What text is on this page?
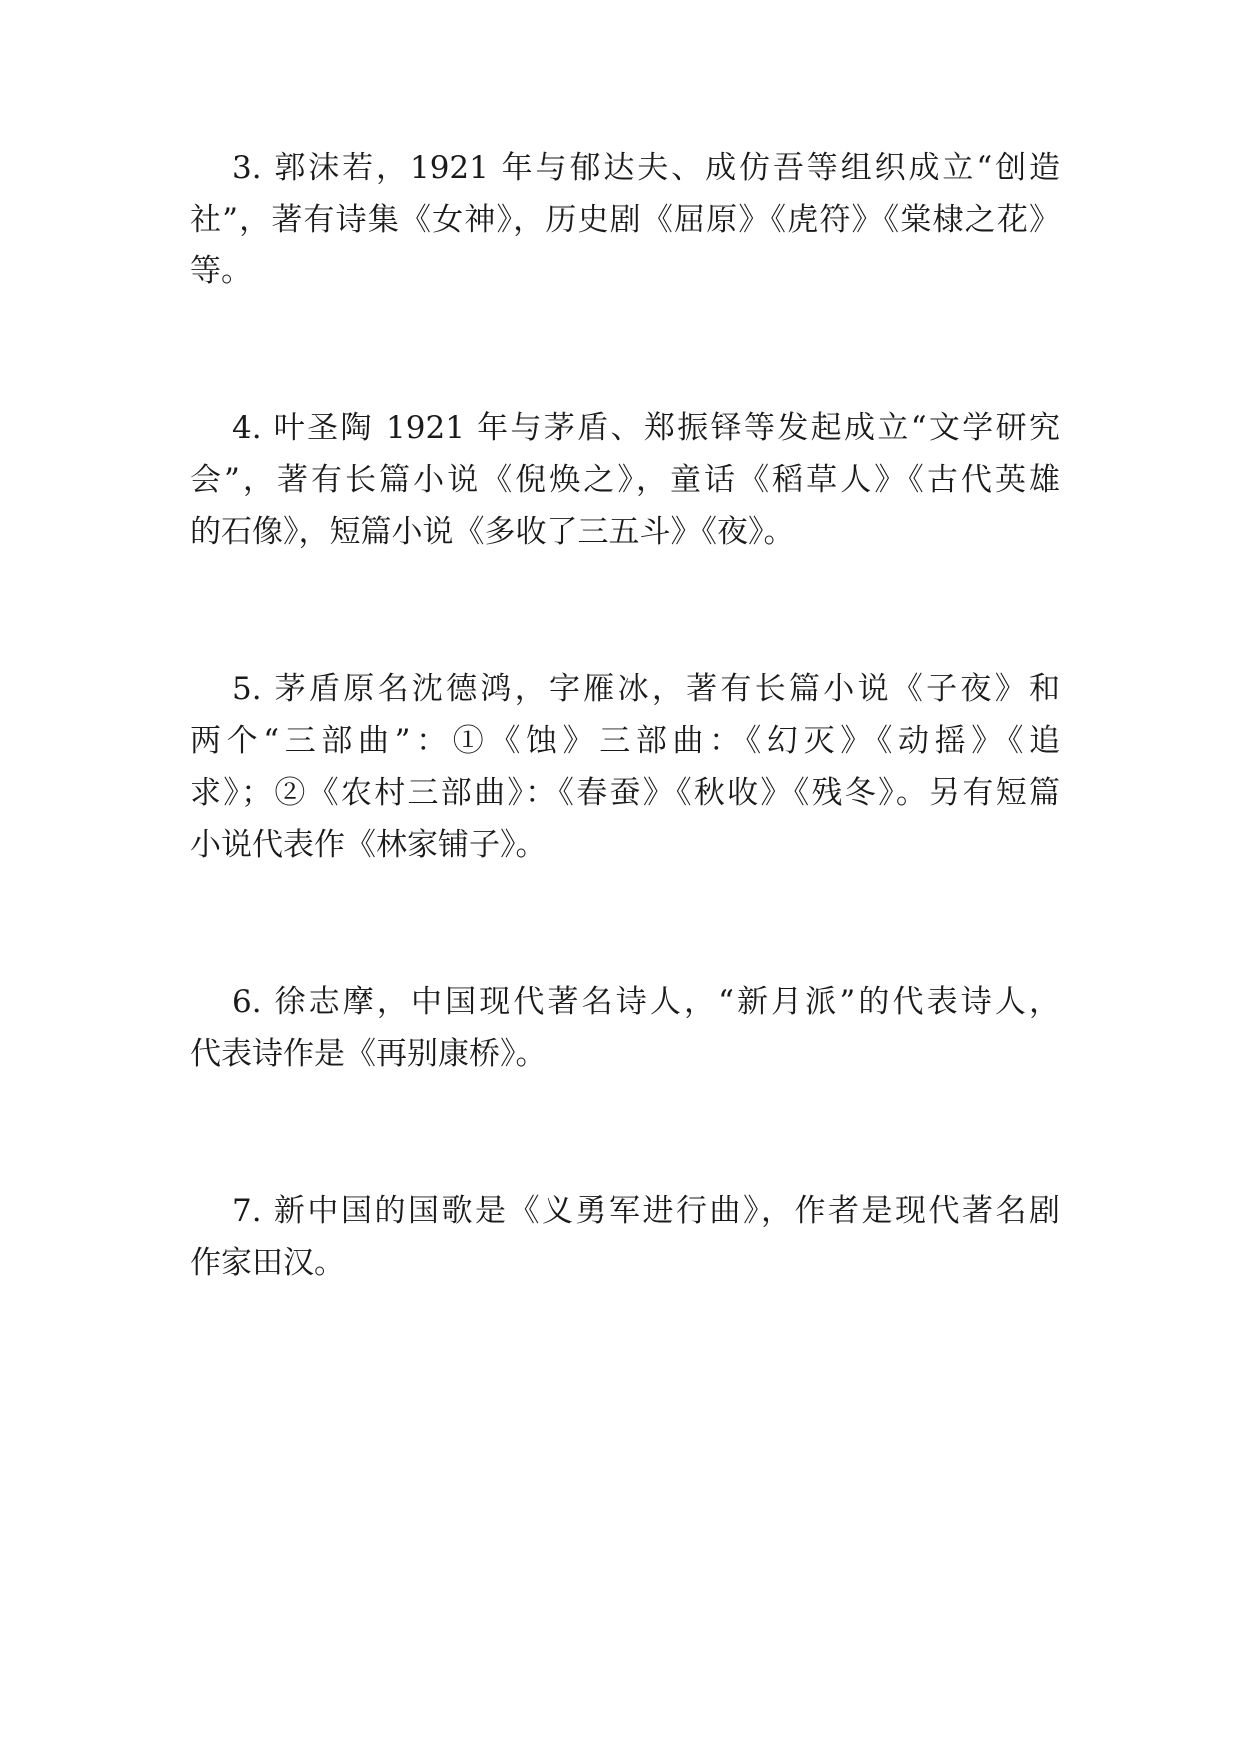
3. 郭沫若，1921 年与郁达夫、成仿吾等组织成立“创造
社”，著有诗集《女神》，历史剧《屈原》《虎符》《棠棣之花》
等。
4. 叶圣陶 1921 年与茅盾、郑振铎等发起成立“文学研究
会”，著有长篇小说《倪焕之》，童话《稻草人》《古代英雄
的石像》，短篇小说《多收了三五斗》《夜》。
5. 茅盾原名沈德鸿，字雁冰，著有长篇小说《子夜》和
两个“三部曲”：①《蚀》三部曲：《幻灭》《动摇》《追
求》；②《农村三部曲》：《春蚕》《秋收》《残冬》。另有短篇
小说代表作《林家铺子》。
6. 徐志摩，中国现代著名诗人，“新月派”的代表诗人，
代表诗作是《再别康桥》。
7. 新中国的国歌是《义勇军进行曲》，作者是现代著名剧
作家田汉。
